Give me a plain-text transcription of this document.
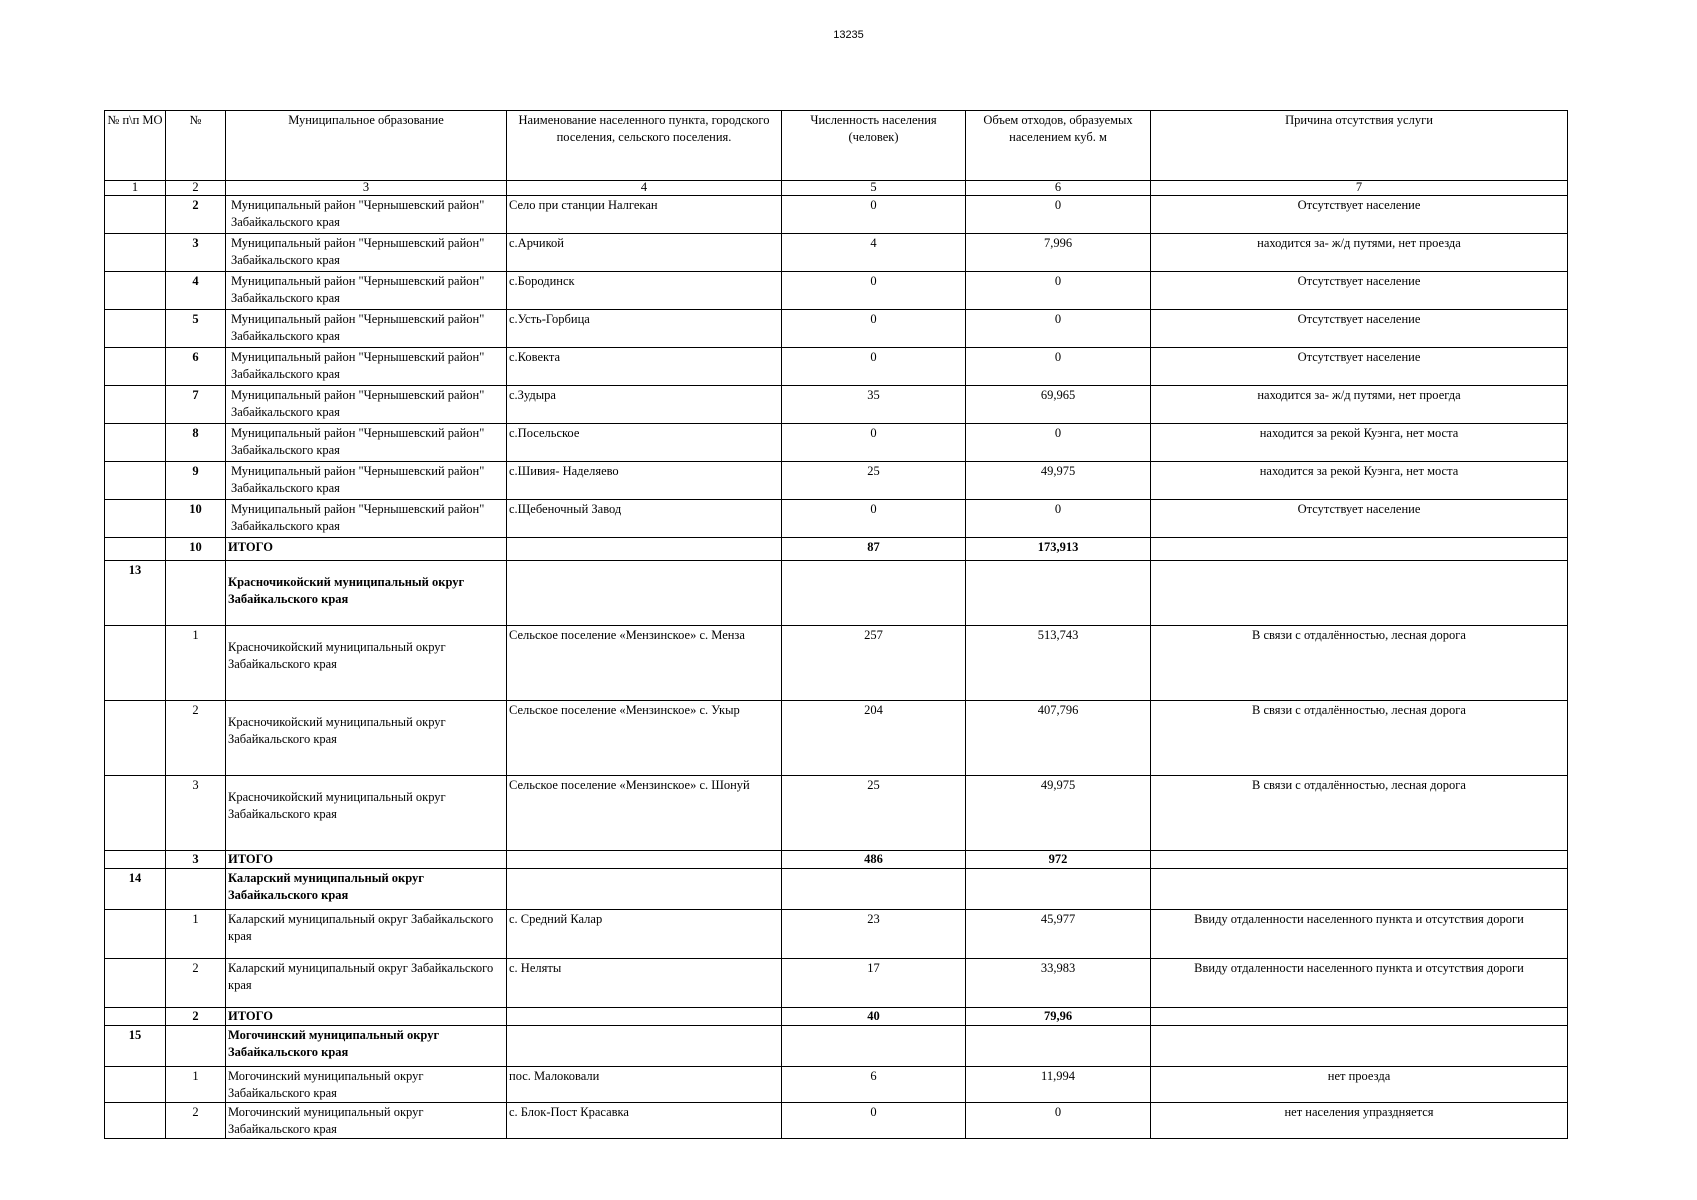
13235
№ п\п МО	№	Муниципальное образование	Наименование населенного пункта, городского поселения, сельского поселения.	Численность населения (человек)	Объем отходов, образуемых населением куб. м	Причина отсутствия услуги
1	2	3	4	5	6	7
	2	Муниципальный район "Чернышевский район" Забайкальского края	Село при станции Налгекан	0	0	Отсутствует население
	3	Муниципальный район "Чернышевский район" Забайкальского края	с.Арчикой	4	7,996	находится за- ж/д путями, нет проезда
	4	Муниципальный район "Чернышевский район" Забайкальского края	с.Бородинск	0	0	Отсутствует население
	5	Муниципальный район "Чернышевский район" Забайкальского края	с.Усть-Горбица	0	0	Отсутствует население
	6	Муниципальный район "Чернышевский район" Забайкальского края	с.Ковекта	0	0	Отсутствует население
	7	Муниципальный район "Чернышевский район" Забайкальского края	с.Зудыра	35	69,965	находится за- ж/д путями, нет проегда
	8	Муниципальный район "Чернышевский район" Забайкальского края	с.Посельское	0	0	находится за рекой Куэнга, нет моста
	9	Муниципальный район "Чернышевский район" Забайкальского края	с.Шивия- Наделяево	25	49,975	находится за рекой Куэнга, нет моста
	10	Муниципальный район "Чернышевский район" Забайкальского края	с.Щебеночный Завод	0	0	Отсутствует население
	10	ИТОГО		87	173,913	
13		Красночикойский муниципальный округ Забайкальского края				
	1	Красночикойский муниципальный округ Забайкальского края	Сельское поселение «Мензинское» с. Менза	257	513,743	В связи с отдалённостью, лесная дорога
	2	Красночикойский муниципальный округ Забайкальского края	Сельское поселение «Мензинское» с. Укыр	204	407,796	В связи с отдалённостью, лесная дорога
	3	Красночикойский муниципальный округ Забайкальского края	Сельское поселение «Мензинское» с. Шонуй	25	49,975	В связи с отдалённостью, лесная дорога
	3	ИТОГО		486	972	
14		Каларский муниципальный округ Забайкальского края				
	1	Каларский муниципальный округ Забайкальского края	с. Средний Калар	23	45,977	Ввиду отдаленности населенного пункта и отсутствия дороги
	2	Каларский муниципальный округ Забайкальского края	с. Неляты	17	33,983	Ввиду отдаленности населенного пункта и отсутствия дороги
	2	ИТОГО		40	79,96	
15		Могочинский муниципальный округ Забайкальского края				
	1	Могочинский муниципальный округ Забайкальского края	пос. Малоковали	6	11,994	нет проезда
	2	Могочинский муниципальный округ Забайкальского края	с. Блок-Пост Красавка	0	0	нет населения упраздняется
